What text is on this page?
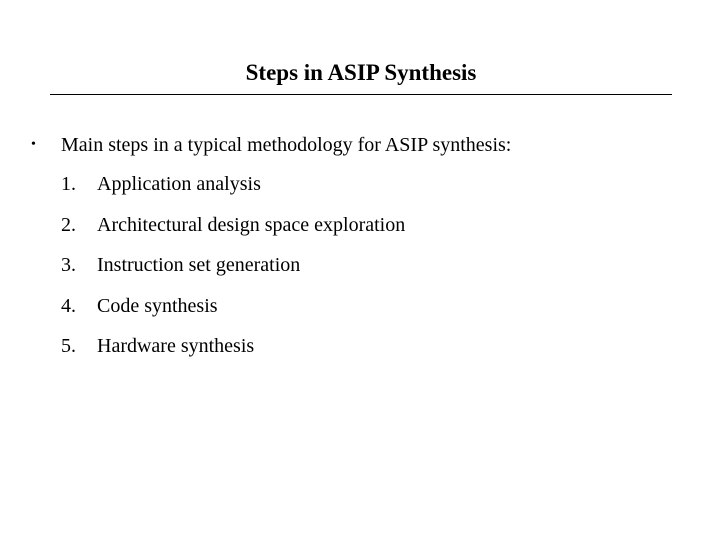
Steps in ASIP Synthesis
• Main steps in a typical methodology for ASIP synthesis:
1. Application analysis
2. Architectural design space exploration
3. Instruction set generation
4. Code synthesis
5. Hardware synthesis
